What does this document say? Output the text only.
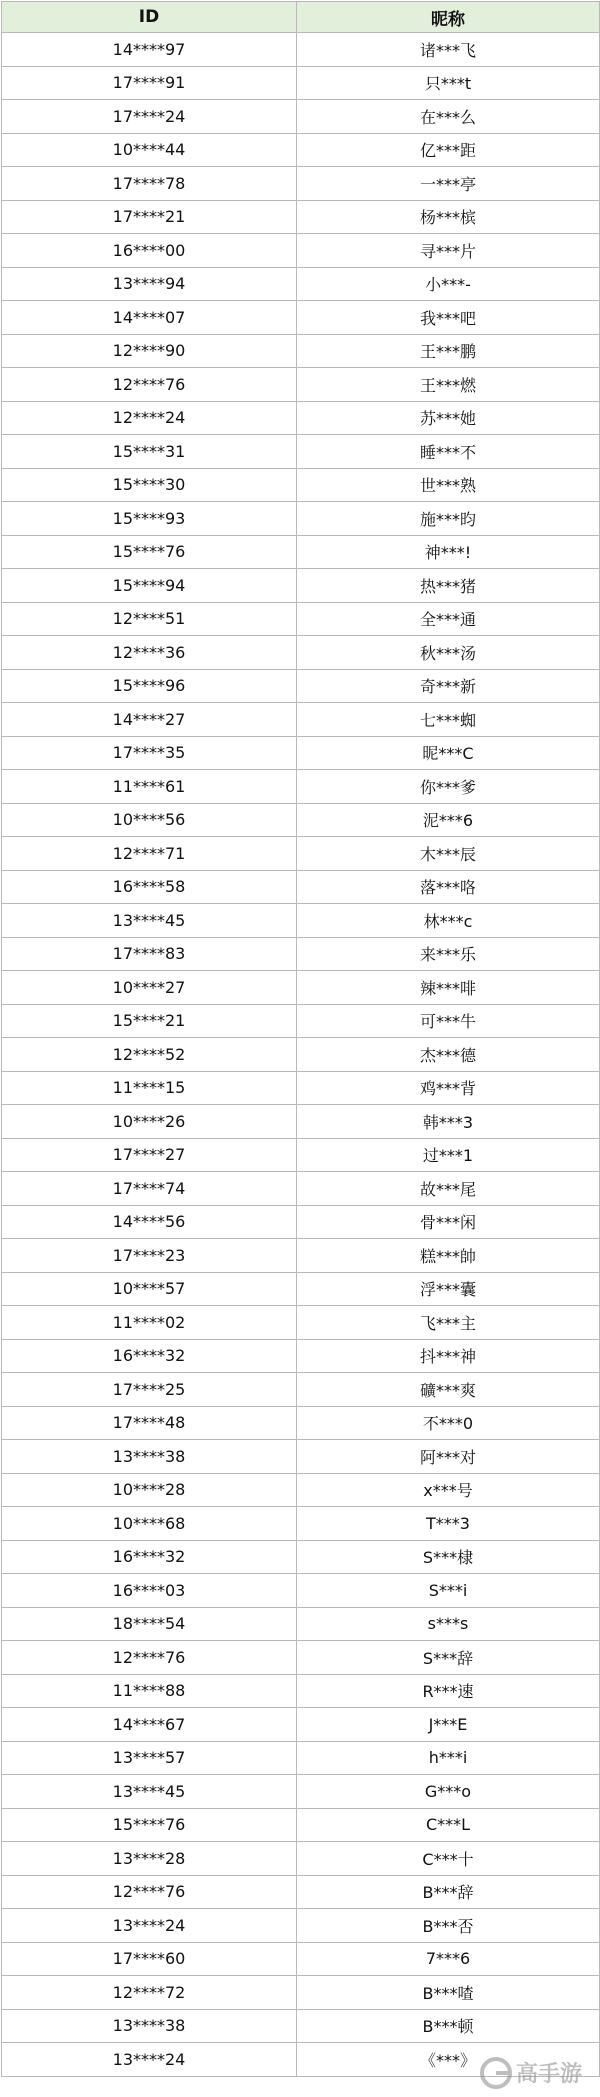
ID	昵称
14****97	诸***飞
17****91	只***t
17****24	在***么
10****44	亿***距
17****78	一***亭
17****21	杨***槟
16****00	寻***片
13****94	小***-
14****07	我***吧
12****90	王***鹏
12****76	王***燃
12****24	苏***她
15****31	睡***不
15****30	世***熟
15****93	施***昀
15****76	神***!
15****94	热***猪
12****51	全***通
12****36	秋***汤
15****96	奇***新
14****27	七***蜘
17****35	昵***C
11****61	你***爹
10****56	泥***6
12****71	木***辰
16****58	落***咯
13****45	林***c
17****83	来***乐
10****27	辣***啡
15****21	可***牛
12****52	杰***德
11****15	鸡***背
10****26	韩***3
17****27	过***1
17****74	故***尾
14****56	骨***闲
17****23	糕***帥
10****57	浮***囊
11****02	飞***主
16****32	抖***神
17****25	礦***爽
17****48	不***0
13****38	阿***对
10****28	x***号
10****68	T***3
16****32	S***棣
16****03	S***i
18****54	s***s
12****76	S***辞
11****88	R***速
14****67	J***E
13****57	h***i
13****45	G***o
15****76	C***L
13****28	C***十
12****76	B***辞
13****24	B***否
17****60	7***6
12****72	B***喳
13****38	B***顿
13****24	《***》
高手游
